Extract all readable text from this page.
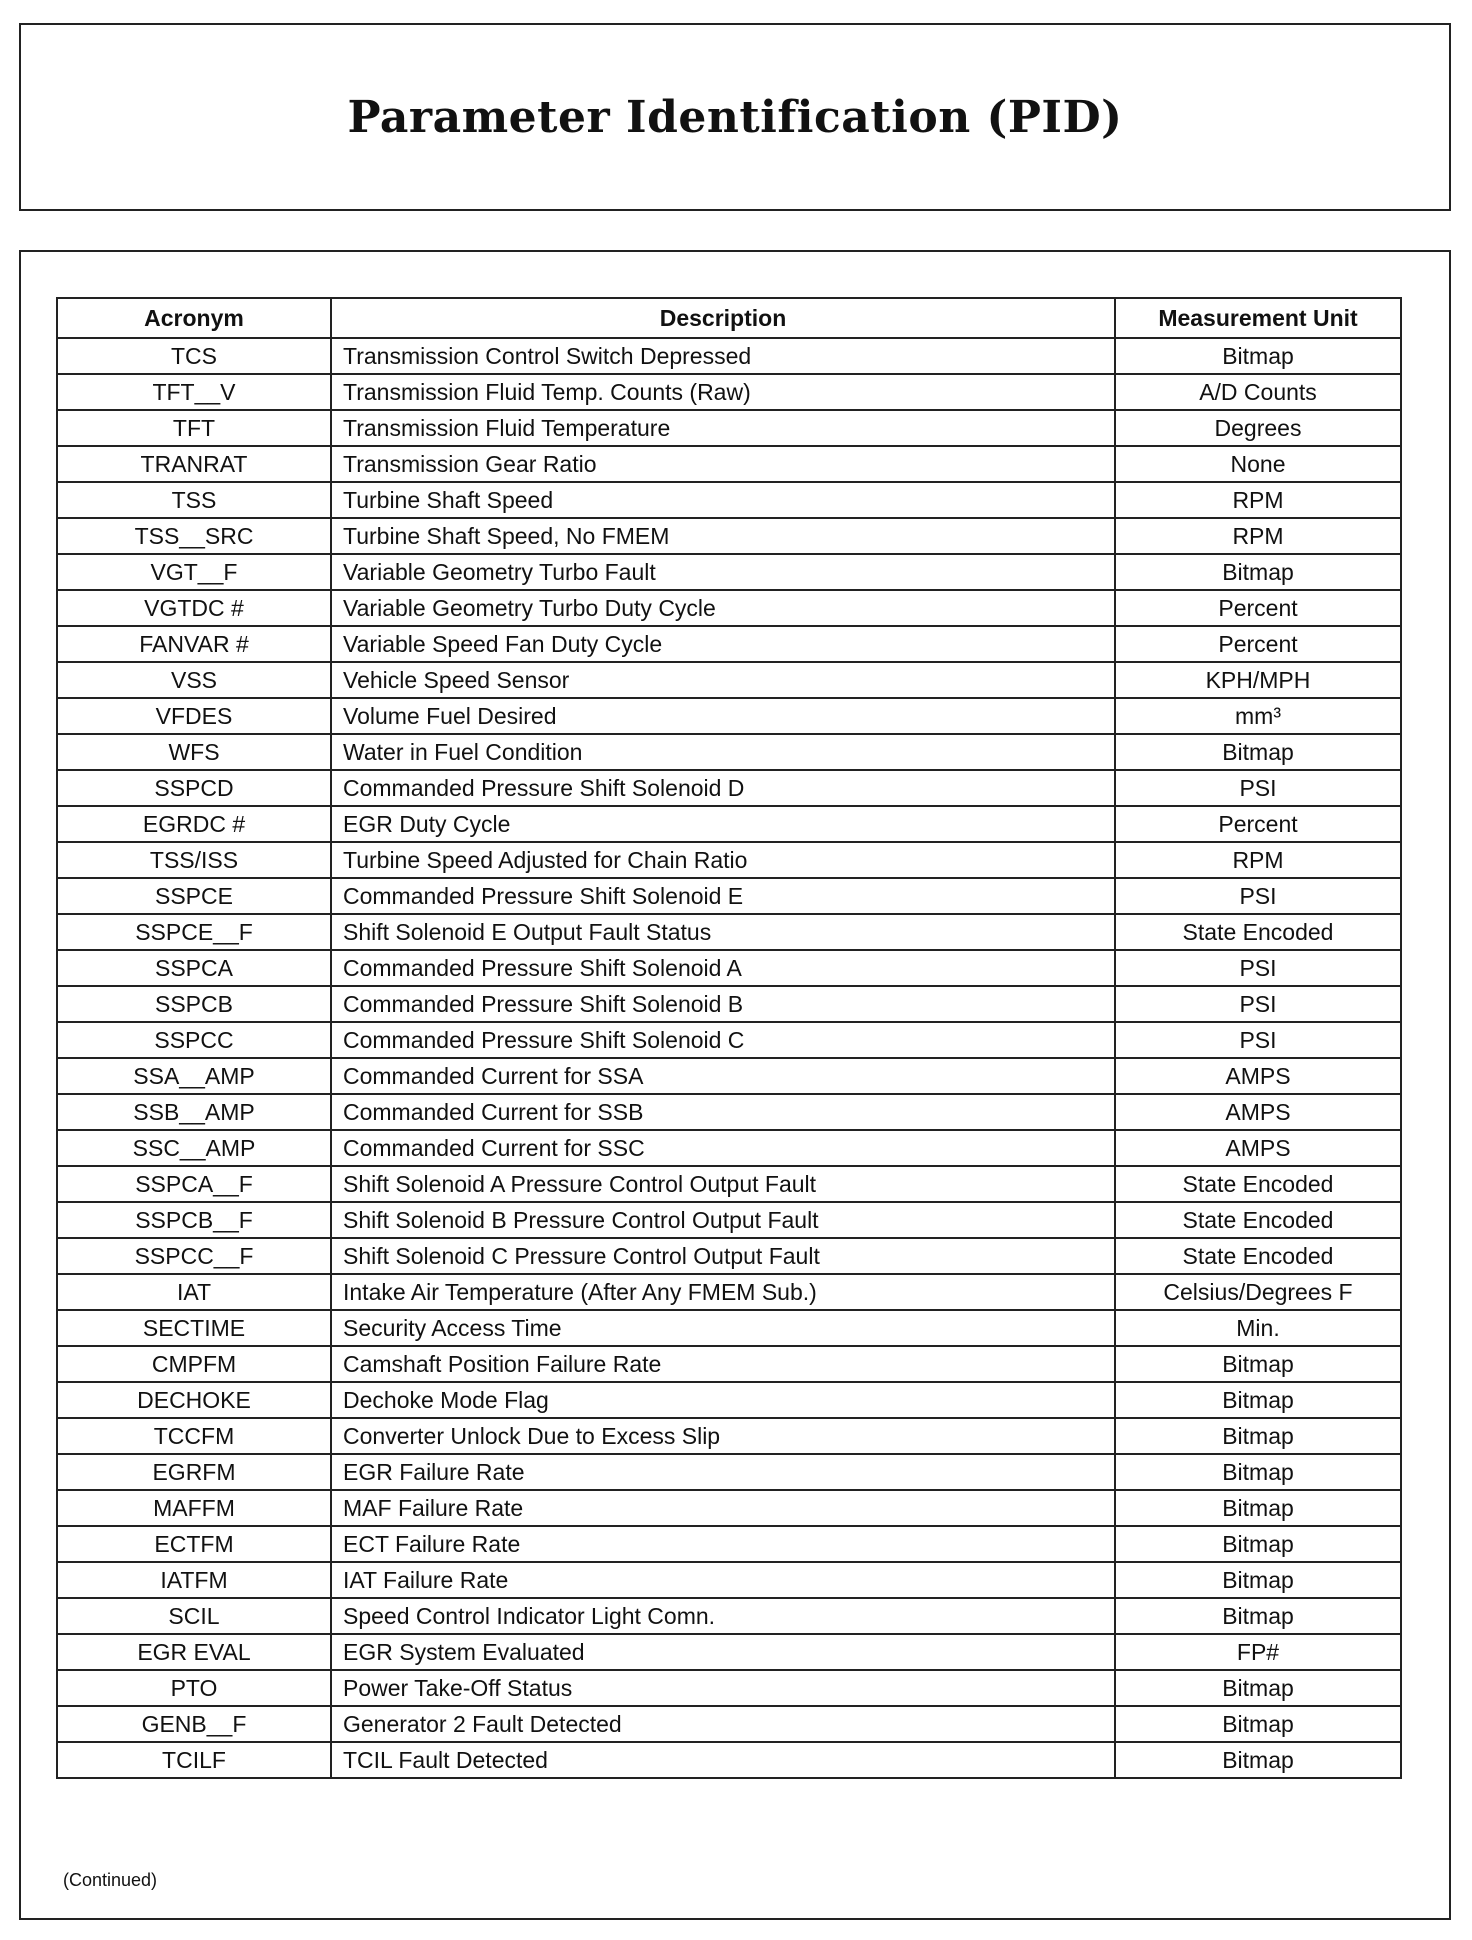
Parameter Identification (PID)
Acronym	Description	Measurement Unit
TCS	Transmission Control Switch Depressed	Bitmap
TFT__V	Transmission Fluid Temp. Counts (Raw)	A/D Counts
TFT	Transmission Fluid Temperature	Degrees
TRANRAT	Transmission Gear Ratio	None
TSS	Turbine Shaft Speed	RPM
TSS__SRC	Turbine Shaft Speed, No FMEM	RPM
VGT__F	Variable Geometry Turbo Fault	Bitmap
VGTDC #	Variable Geometry Turbo Duty Cycle	Percent
FANVAR #	Variable Speed Fan Duty Cycle	Percent
VSS	Vehicle Speed Sensor	KPH/MPH
VFDES	Volume Fuel Desired	mm³
WFS	Water in Fuel Condition	Bitmap
SSPCD	Commanded Pressure Shift Solenoid D	PSI
EGRDC #	EGR Duty Cycle	Percent
TSS/ISS	Turbine Speed Adjusted for Chain Ratio	RPM
SSPCE	Commanded Pressure Shift Solenoid E	PSI
SSPCE__F	Shift Solenoid E Output Fault Status	State Encoded
SSPCA	Commanded Pressure Shift Solenoid A	PSI
SSPCB	Commanded Pressure Shift Solenoid B	PSI
SSPCC	Commanded Pressure Shift Solenoid C	PSI
SSA__AMP	Commanded Current for SSA	AMPS
SSB__AMP	Commanded Current for SSB	AMPS
SSC__AMP	Commanded Current for SSC	AMPS
SSPCA__F	Shift Solenoid A Pressure Control Output Fault	State Encoded
SSPCB__F	Shift Solenoid B Pressure Control Output Fault	State Encoded
SSPCC__F	Shift Solenoid C Pressure Control Output Fault	State Encoded
IAT	Intake Air Temperature (After Any FMEM Sub.)	Celsius/Degrees F
SECTIME	Security Access Time	Min.
CMPFM	Camshaft Position Failure Rate	Bitmap
DECHOKE	Dechoke Mode Flag	Bitmap
TCCFM	Converter Unlock Due to Excess Slip	Bitmap
EGRFM	EGR Failure Rate	Bitmap
MAFFM	MAF Failure Rate	Bitmap
ECTFM	ECT Failure Rate	Bitmap
IATFM	IAT Failure Rate	Bitmap
SCIL	Speed Control Indicator Light Comn.	Bitmap
EGR EVAL	EGR System Evaluated	FP#
PTO	Power Take-Off Status	Bitmap
GENB__F	Generator 2 Fault Detected	Bitmap
TCILF	TCIL Fault Detected	Bitmap
(Continued)
